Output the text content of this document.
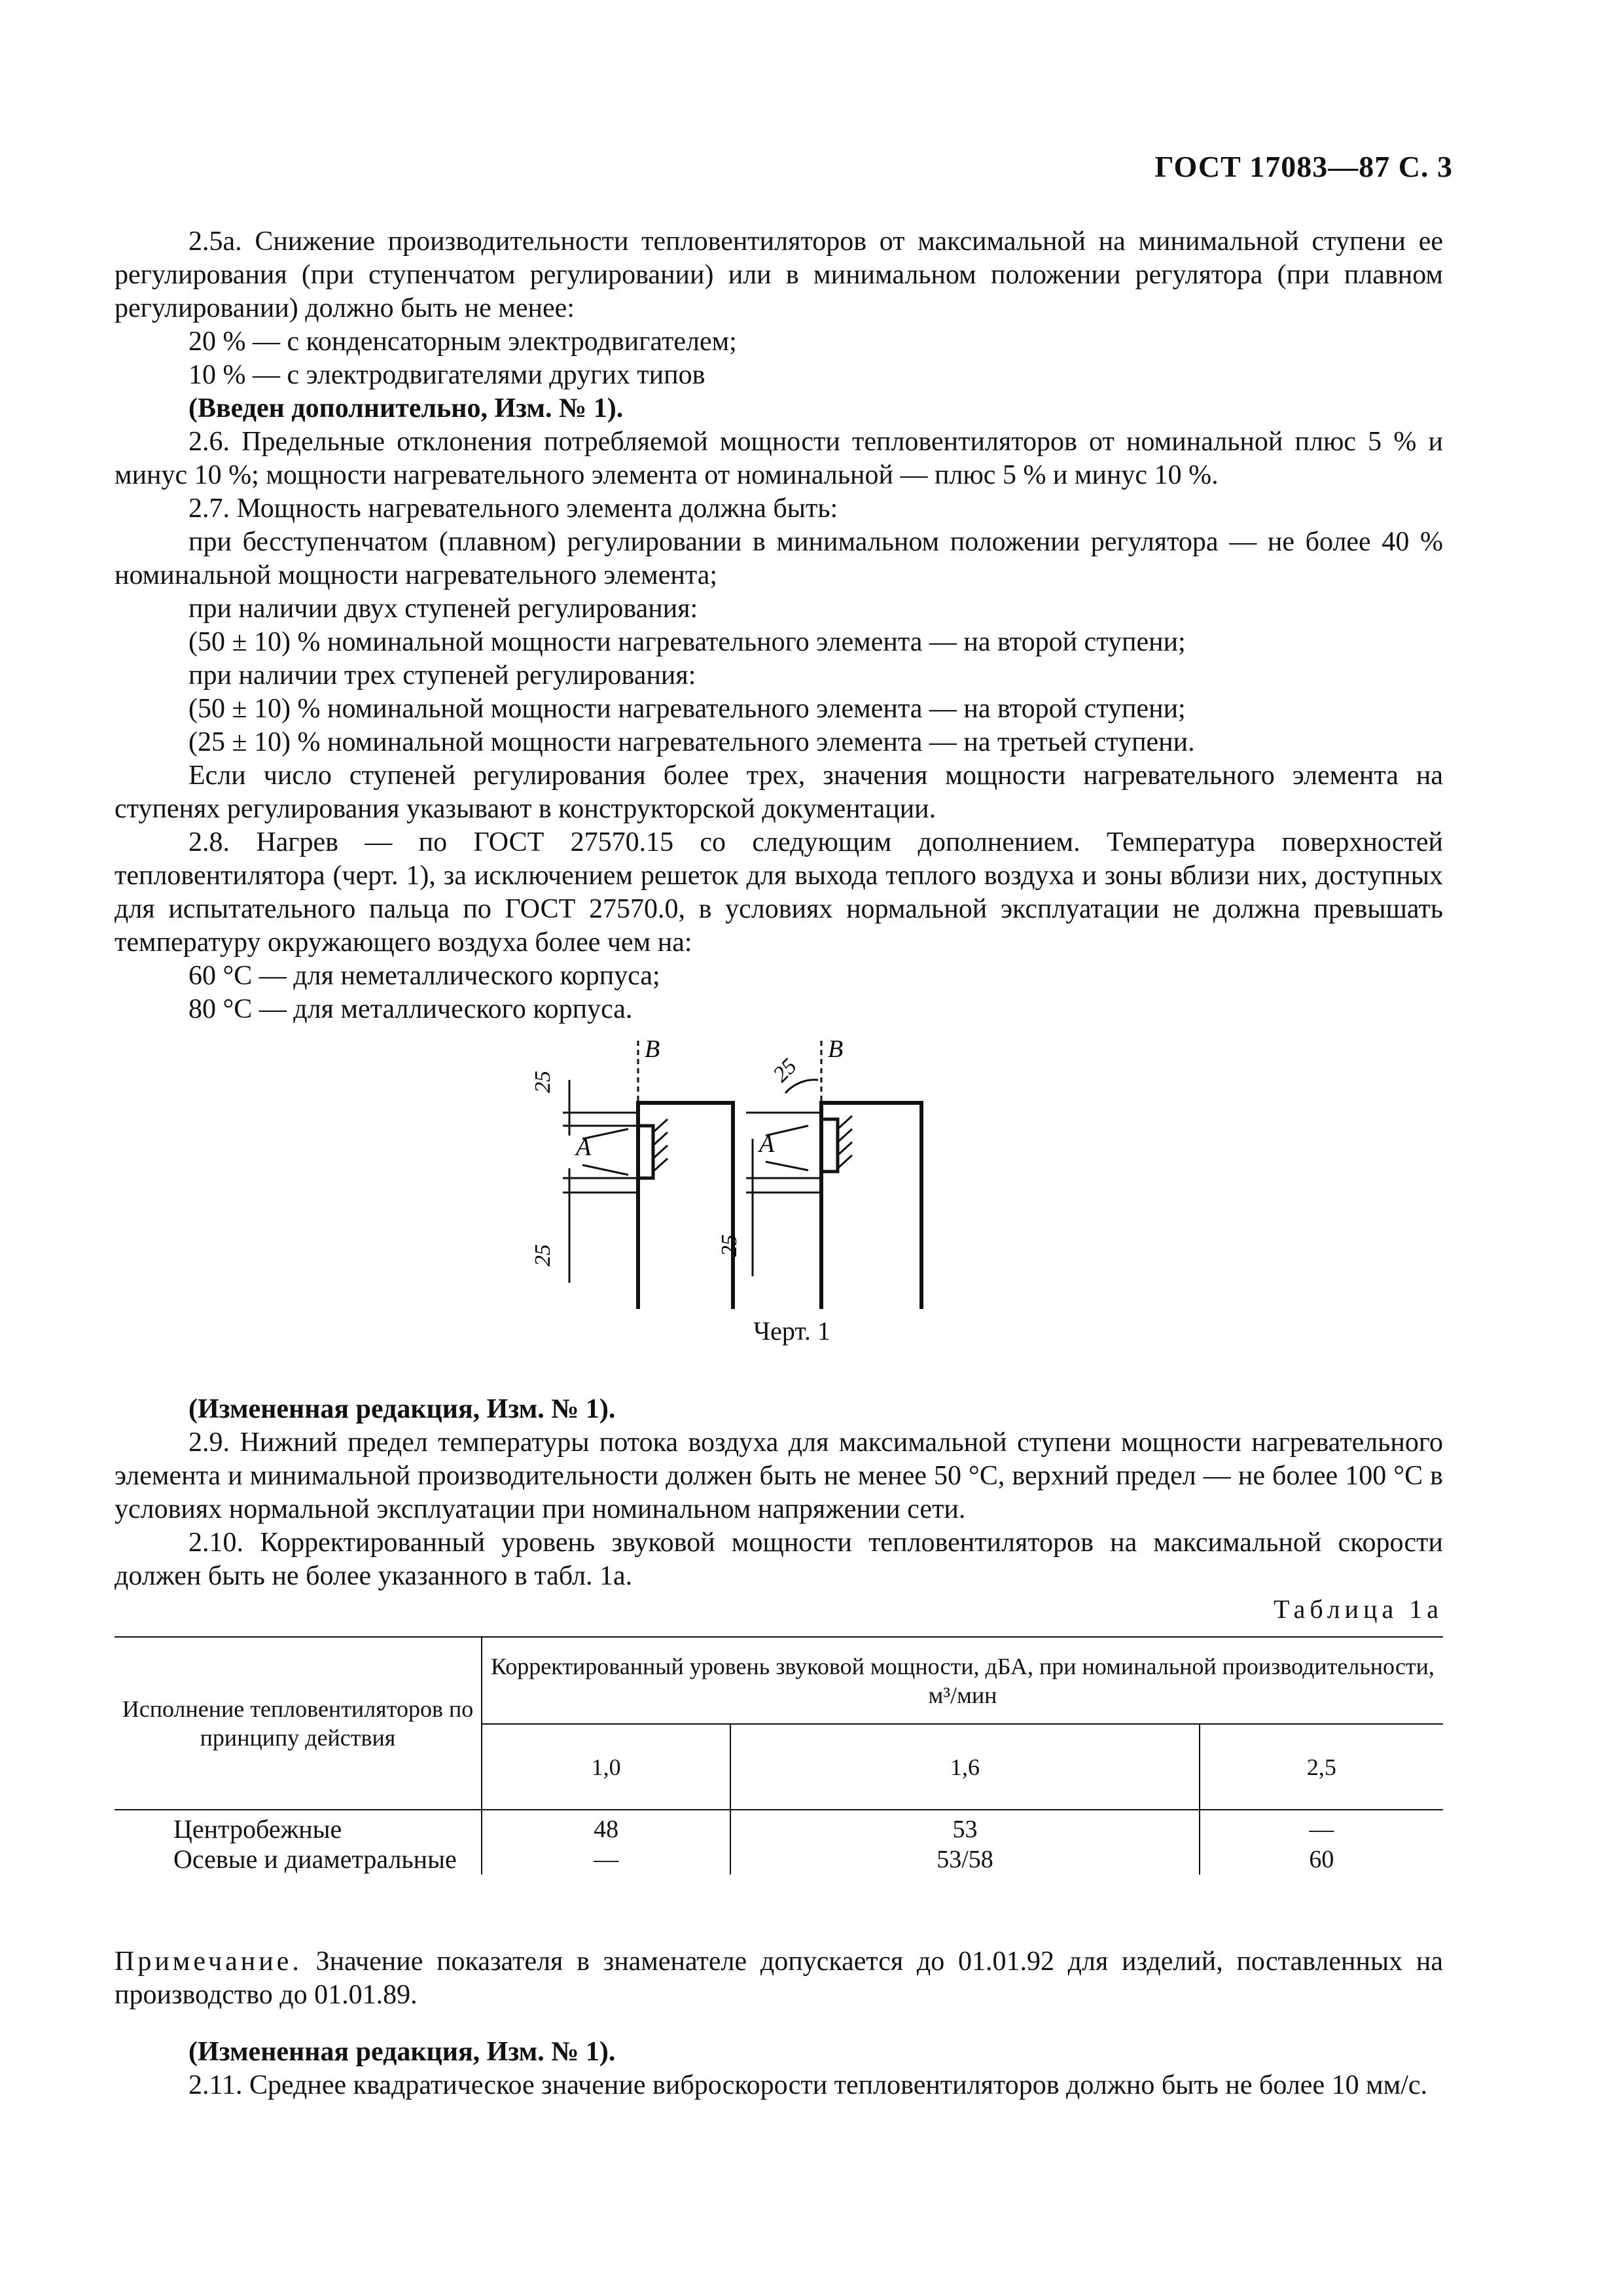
ГОСТ 17083—87 С. 3

2.5а. Снижение производительности тепловентиляторов от максимальной на минимальной ступени ее регулирования (при ступенчатом регулировании) или в минимальном положении регулятора (при плавном регулировании) должно быть не менее:

20 % — с конденсаторным электродвигателем;

10 % — с электродвигателями других типов

(Введен дополнительно, Изм. № 1).

2.6. Предельные отклонения потребляемой мощности тепловентиляторов от номинальной плюс 5 % и минус 10 %; мощности нагревательного элемента от номинальной — плюс 5 % и минус 10 %.

2.7. Мощность нагревательного элемента должна быть:

при бесступенчатом (плавном) регулировании в минимальном положении регулятора — не более 40 % номинальной мощности нагревательного элемента;

при наличии двух ступеней регулирования:

(50 ± 10) % номинальной мощности нагревательного элемента — на второй ступени;

при наличии трех ступеней регулирования:

(50 ± 10) % номинальной мощности нагревательного элемента — на второй ступени;

(25 ± 10) % номинальной мощности нагревательного элемента — на третьей ступени.

Если число ступеней регулирования более трех, значения мощности нагревательного элемента на ступенях регулирования указывают в конструкторской документации.

2.8. Нагрев — по ГОСТ 27570.15 со следующим дополнением. Температура поверхностей тепловентилятора (черт. 1), за исключением решеток для выхода теплого воздуха и зоны вблизи них, доступных для испытательного пальца по ГОСТ 27570.0, в условиях нормальной эксплуатации не должна превышать температуру окружающего воздуха более чем на:

60 °С — для неметаллического корпуса;

80 °С — для металлического корпуса.

25
25
А
В
25
25
А
В
Черт. 1

(Измененная редакция, Изм. № 1).

2.9. Нижний предел температуры потока воздуха для максимальной ступени мощности нагревательного элемента и минимальной производительности должен быть не менее 50 °С, верхний предел — не более 100 °С в условиях нормальной эксплуатации при номинальном напряжении сети.

2.10. Корректированный уровень звуковой мощности тепловентиляторов на максимальной скорости должен быть не более указанного в табл. 1а.

Таблица 1а
Исполнение тепловентиляторов по принципу действия	Корректированный уровень звуковой мощности, дБА, при номинальной производительности, м³/мин		
	1,0	1,6	2,5
Центробежные	48	53	—
Осевые и диаметральные	—	53/58	60

Примечание. Значение показателя в знаменателе допускается до 01.01.92 для изделий, поставленных на производство до 01.01.89.

(Измененная редакция, Изм. № 1).

2.11. Среднее квадратическое значение виброскорости тепловентиляторов должно быть не более 10 мм/с.
